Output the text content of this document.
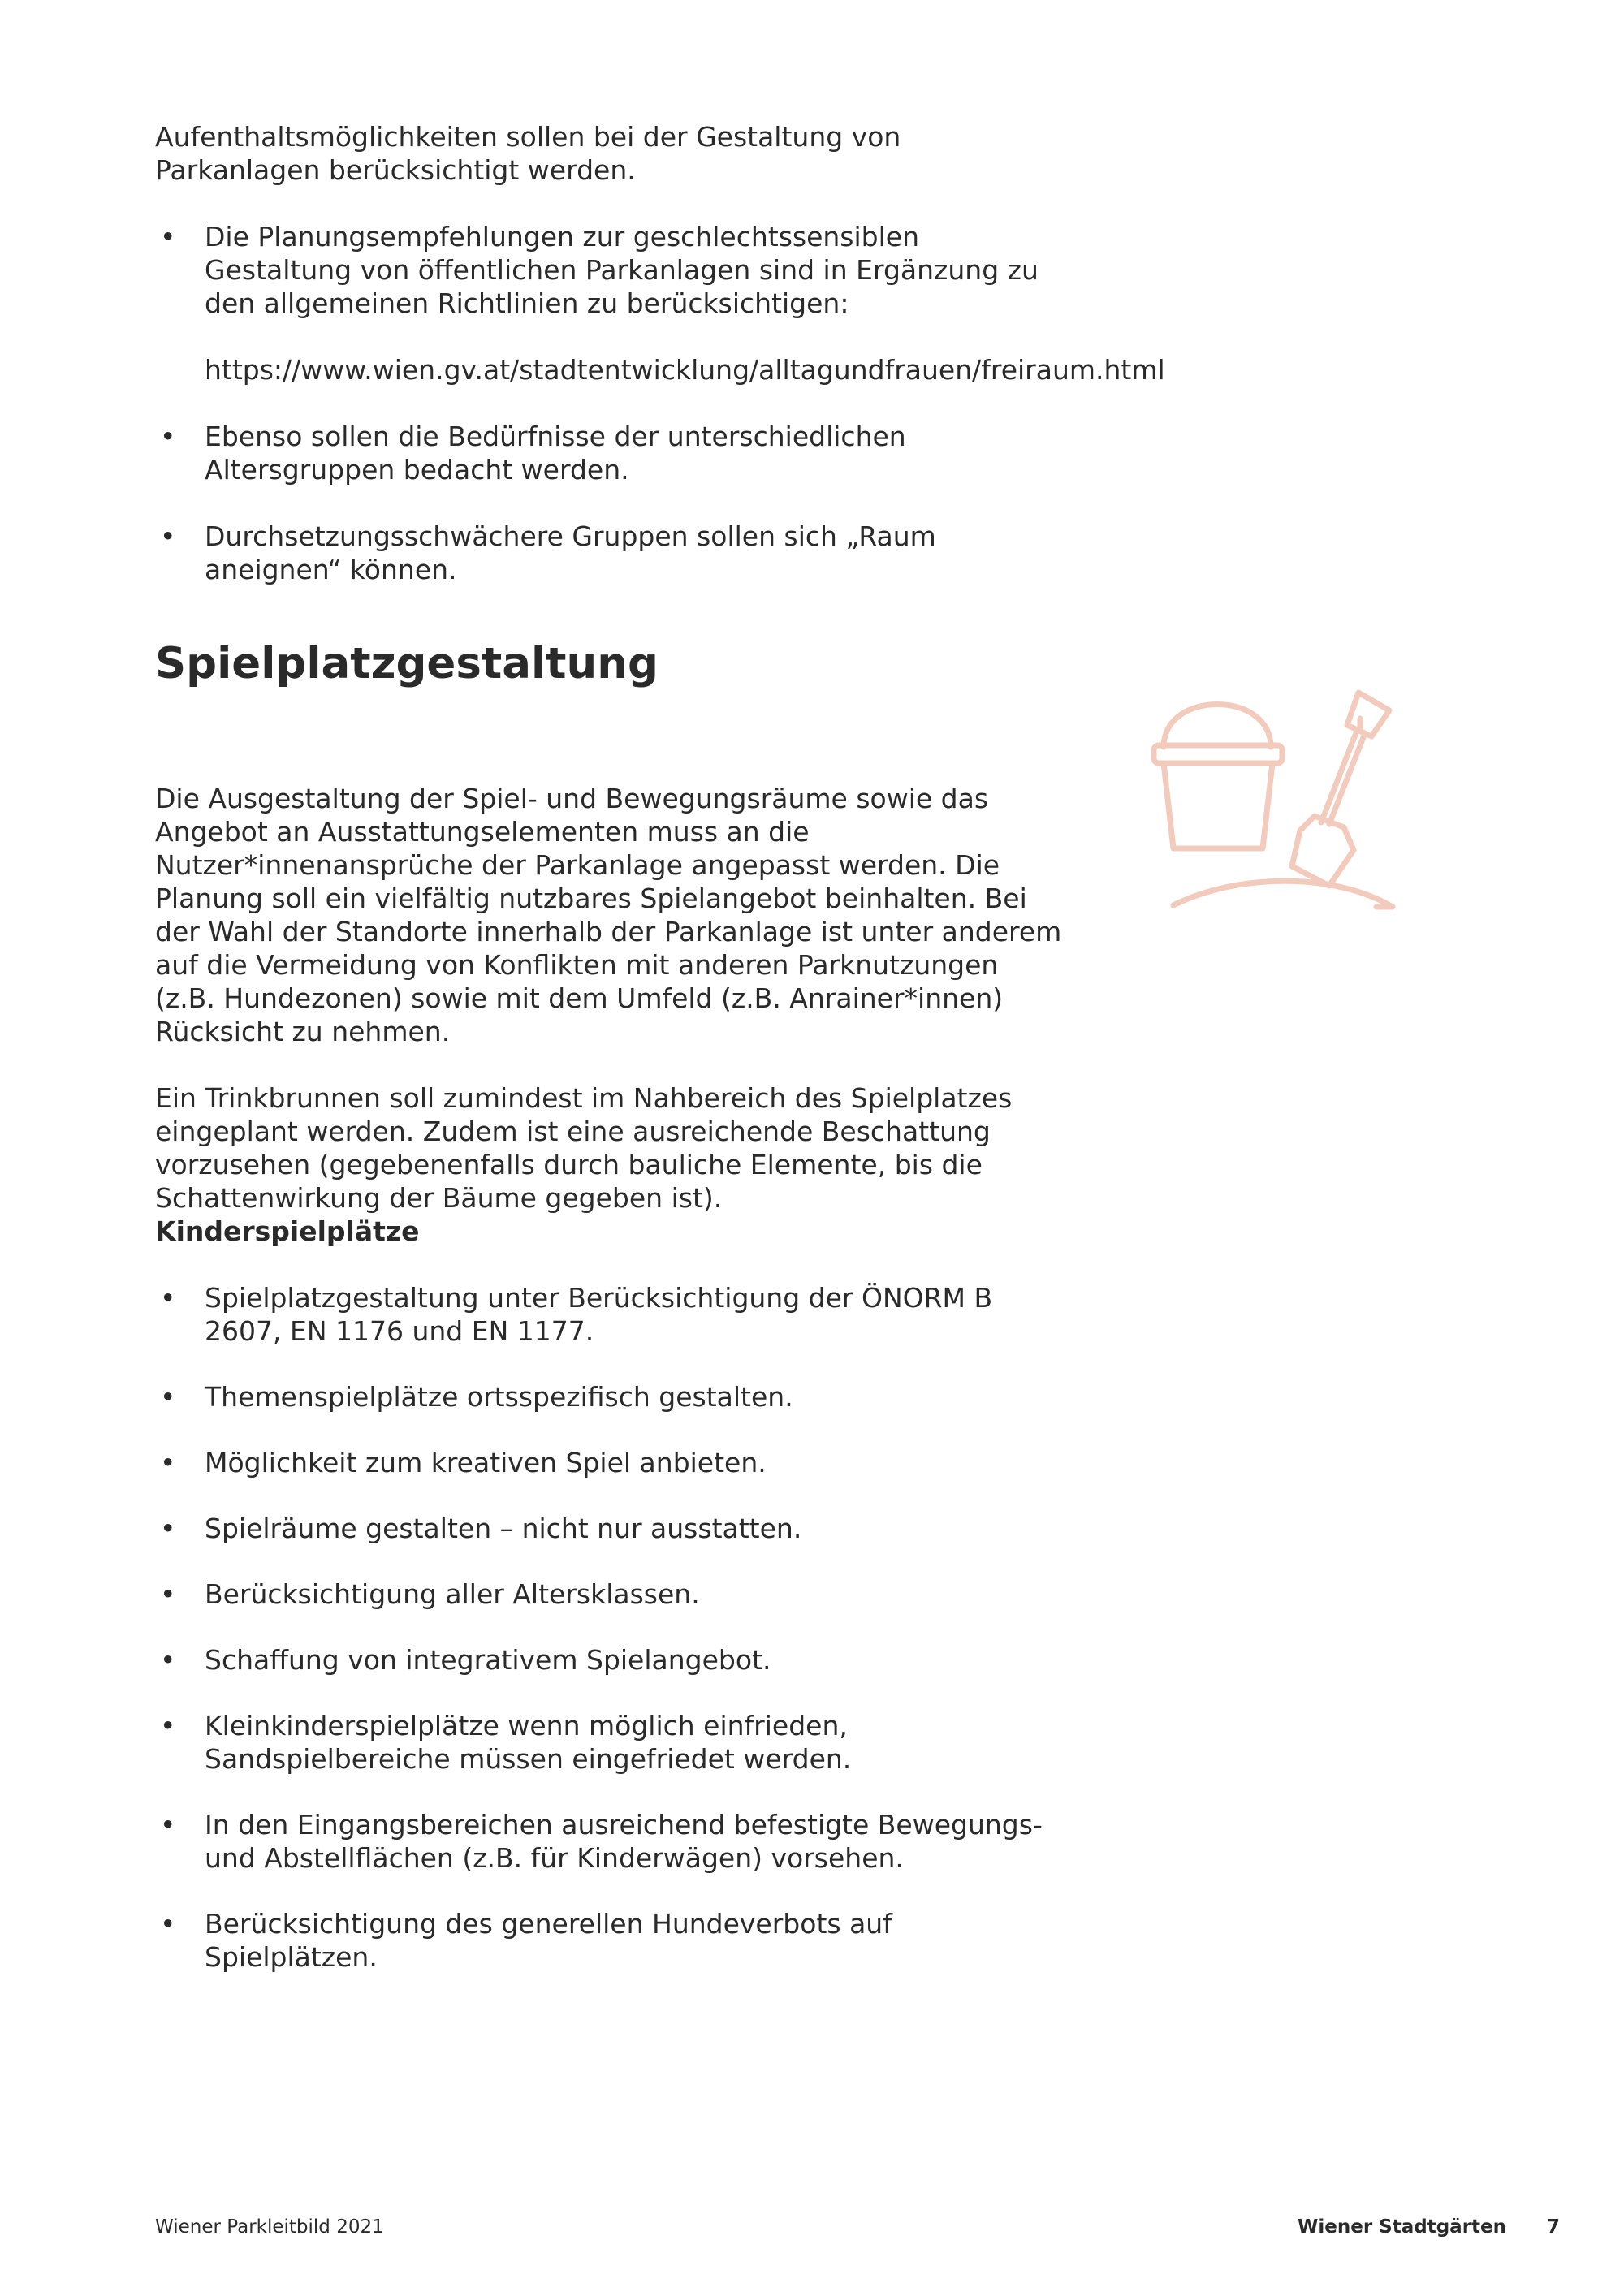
Aufenthaltsmöglichkeiten sollen bei der Gestaltung von Parkanlagen berücksichtigt werden.

• Die Planungsempfehlungen zur geschlechtssensiblen Gestaltung von öffentlichen Parkanlagen sind in Ergänzung zu den allgemeinen Richtlinien zu berücksichtigen:
https://www.wien.gv.at/stadtentwicklung/alltagundfrauen/freiraum.html
• Ebenso sollen die Bedürfnisse der unterschiedlichen Altersgruppen bedacht werden.
• Durchsetzungsschwächere Gruppen sollen sich „Raum aneignen“ können.
Spielplatzgestaltung

Die Ausgestaltung der Spiel- und Bewegungsräume sowie das Angebot an Ausstattungselementen muss an die Nutzer*innenansprüche der Parkanlage angepasst werden. Die Planung soll ein vielfältig nutzbares Spielangebot beinhalten. Bei der Wahl der Standorte innerhalb der Parkanlage ist unter anderem auf die Vermeidung von Konflikten mit anderen Parknutzungen (z.B. Hundezonen) sowie mit dem Umfeld (z.B. Anrainer*innen) Rücksicht zu nehmen.

Ein Trinkbrunnen soll zumindest im Nahbereich des Spielplatzes eingeplant werden. Zudem ist eine ausreichende Beschattung vorzusehen (gegebenenfalls durch bauliche Elemente, bis die Schattenwirkung der Bäume gegeben ist).

Kinderspielplätze
• Spielplatzgestaltung unter Berücksichtigung der ÖNORM B 2607, EN 1176 und EN 1177.
• Themenspielplätze ortsspezifisch gestalten.
• Möglichkeit zum kreativen Spiel anbieten.
• Spielräume gestalten – nicht nur ausstatten.
• Berücksichtigung aller Altersklassen.
• Schaffung von integrativem Spielangebot.
• Kleinkinderspielplätze wenn möglich einfrieden, Sandspielbereiche müssen eingefriedet werden.
• In den Eingangsbereichen ausreichend befestigte Bewegungs- und Abstellflächen (z.B. für Kinderwägen) vorsehen.
• Berücksichtigung des generellen Hundeverbots auf Spielplätzen.
Wiener Parkleitbild 2021	Wiener Stadtgärten 7
